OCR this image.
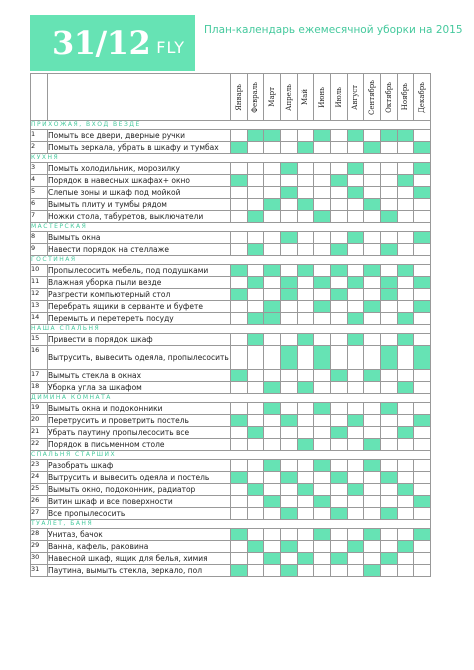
31/12 FLY
План-календарь ежемесячной уборки на 2015

		Январь	Февраль	Март	Апрель	Май	Июнь	Июль	Август	Сентябрь	Октябрь	Ноябрь	Декабрь

ПРИХОЖАЯ, ВХОД ВЕЗДЕ													
1	Помыть все двери, дверные ручки												
2	Помыть зеркала, убрать в шкафу и тумбах												
КУХНЯ													
3	Помыть холодильник, морозилку												
4	Порядок в навесных шкафах+ окно												
5	Слепые зоны и шкаф под мойкой												
6	Вымыть плиту и тумбы рядом												
7	Ножки стола, табуретов, выключатели												
МАСТЕРСКАЯ													
8	Вымыть окна												
9	Навести порядок на стеллаже												
ГОСТИНАЯ													
10	Пропылесосить мебель, под подушками												
11	Влажная уборка пыли везде												
12	Разгрести компьютерный стол												
13	Перебрать ящики в серванте и буфете												
14	Перемыть и перетереть посуду												
НАША СПАЛЬНЯ													
15	Привести в порядок шкаф												
16	Вытрусить, вывесить одеяла, пропылесосить												
17	Вымыть стекла в окнах												
18	Уборка угла за шкафом												
ДИМИНА КОМНАТА													
19	Вымыть окна и подоконники												
20	Перетрусить и проветрить постель												
21	Убрать паутину пропылесосить все												
22	Порядок в письменном столе												
СПАЛЬНЯ СТАРШИХ													
23	Разобрать шкаф												
24	Вытрусить и вывесить одеяла и постель												
25	Вымыть окно, подоконник, радиатор												
26	Витин шкаф и все поверхности												
27	Все пропылесосить												
ТУАЛЕТ, БАНЯ													
28	Унитаз, бачок												
29	Ванна, кафель, раковина												
30	Навесной шкаф, ящик для белья, химия												
31	Паутина, вымыть стекла, зеркало, пол												
